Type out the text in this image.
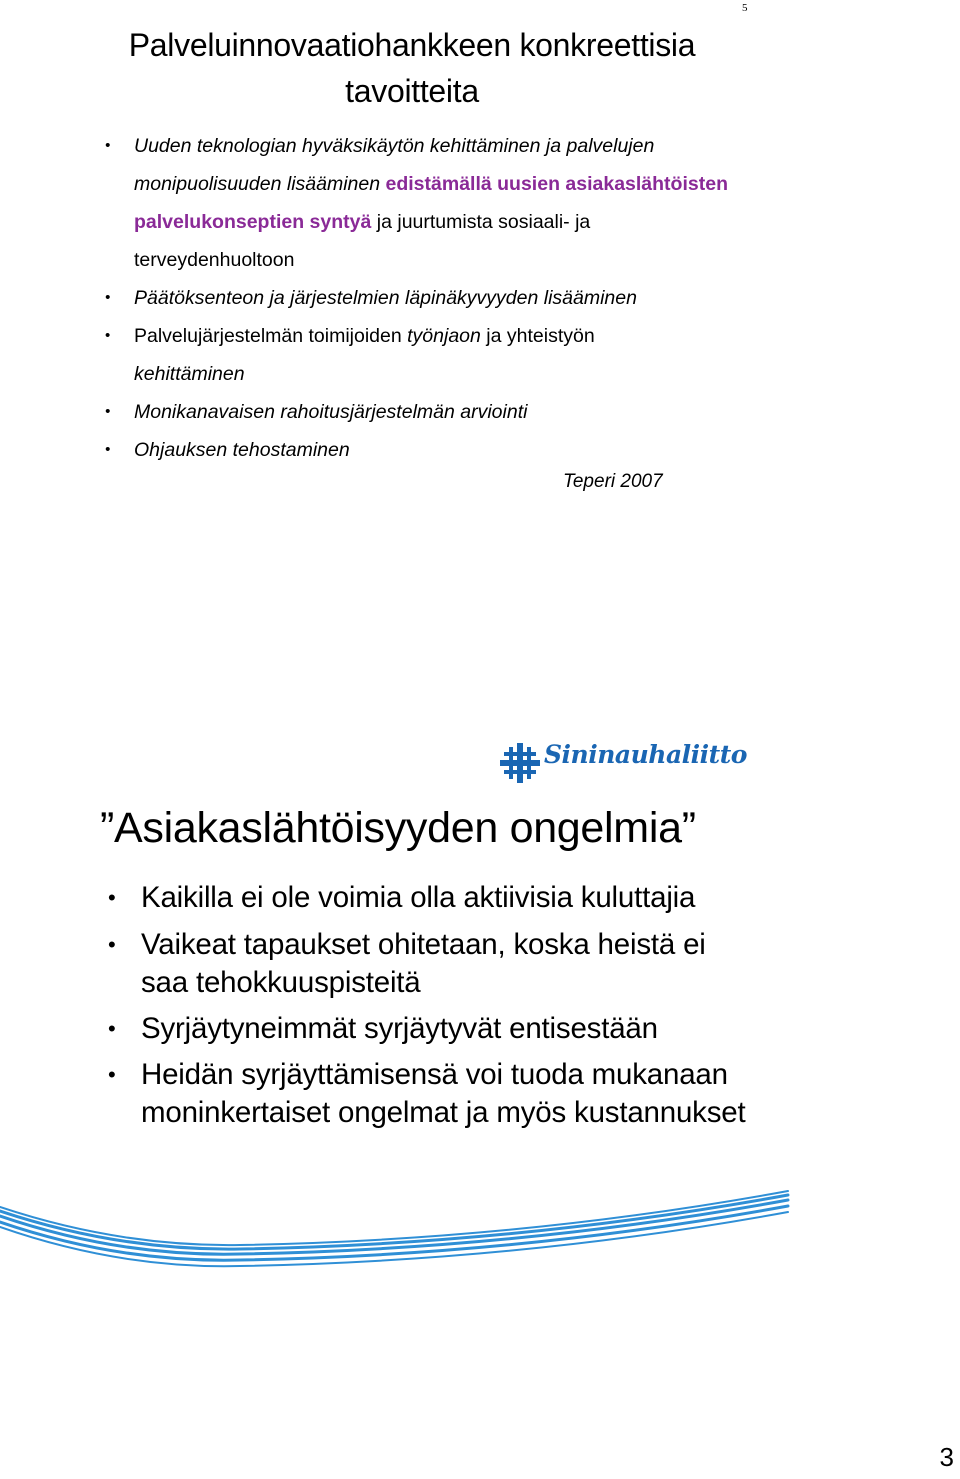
5
Palveluinnovaatiohankkeen konkreettisia tavoitteita
• Uuden teknologian hyväksikäytön kehittäminen ja palvelujen monipuolisuuden lisääminen edistämällä uusien asiakaslähtöisten palvelukonseptien syntyä ja juurtumista sosiaali- ja terveydenhuoltoon
• Päätöksenteon ja järjestelmien läpinäkyvyyden lisääminen
• Palvelujärjestelmän toimijoiden työnjaon ja yhteistyön kehittäminen
• Monikanavaisen rahoitusjärjestelmän arviointi
• Ohjauksen tehostaminen
Teperi 2007
Sininauhaliitto
”Asiakaslähtöisyyden ongelmia”
• Kaikilla ei ole voimia olla aktiivisia kuluttajia
• Vaikeat tapaukset ohitetaan, koska heistä ei saa tehokkuuspisteitä
• Syrjäytyneimmät syrjäytyvät entisestään
• Heidän syrjäyttämisensä voi tuoda mukanaan moninkertaiset ongelmat ja myös kustannukset
3
